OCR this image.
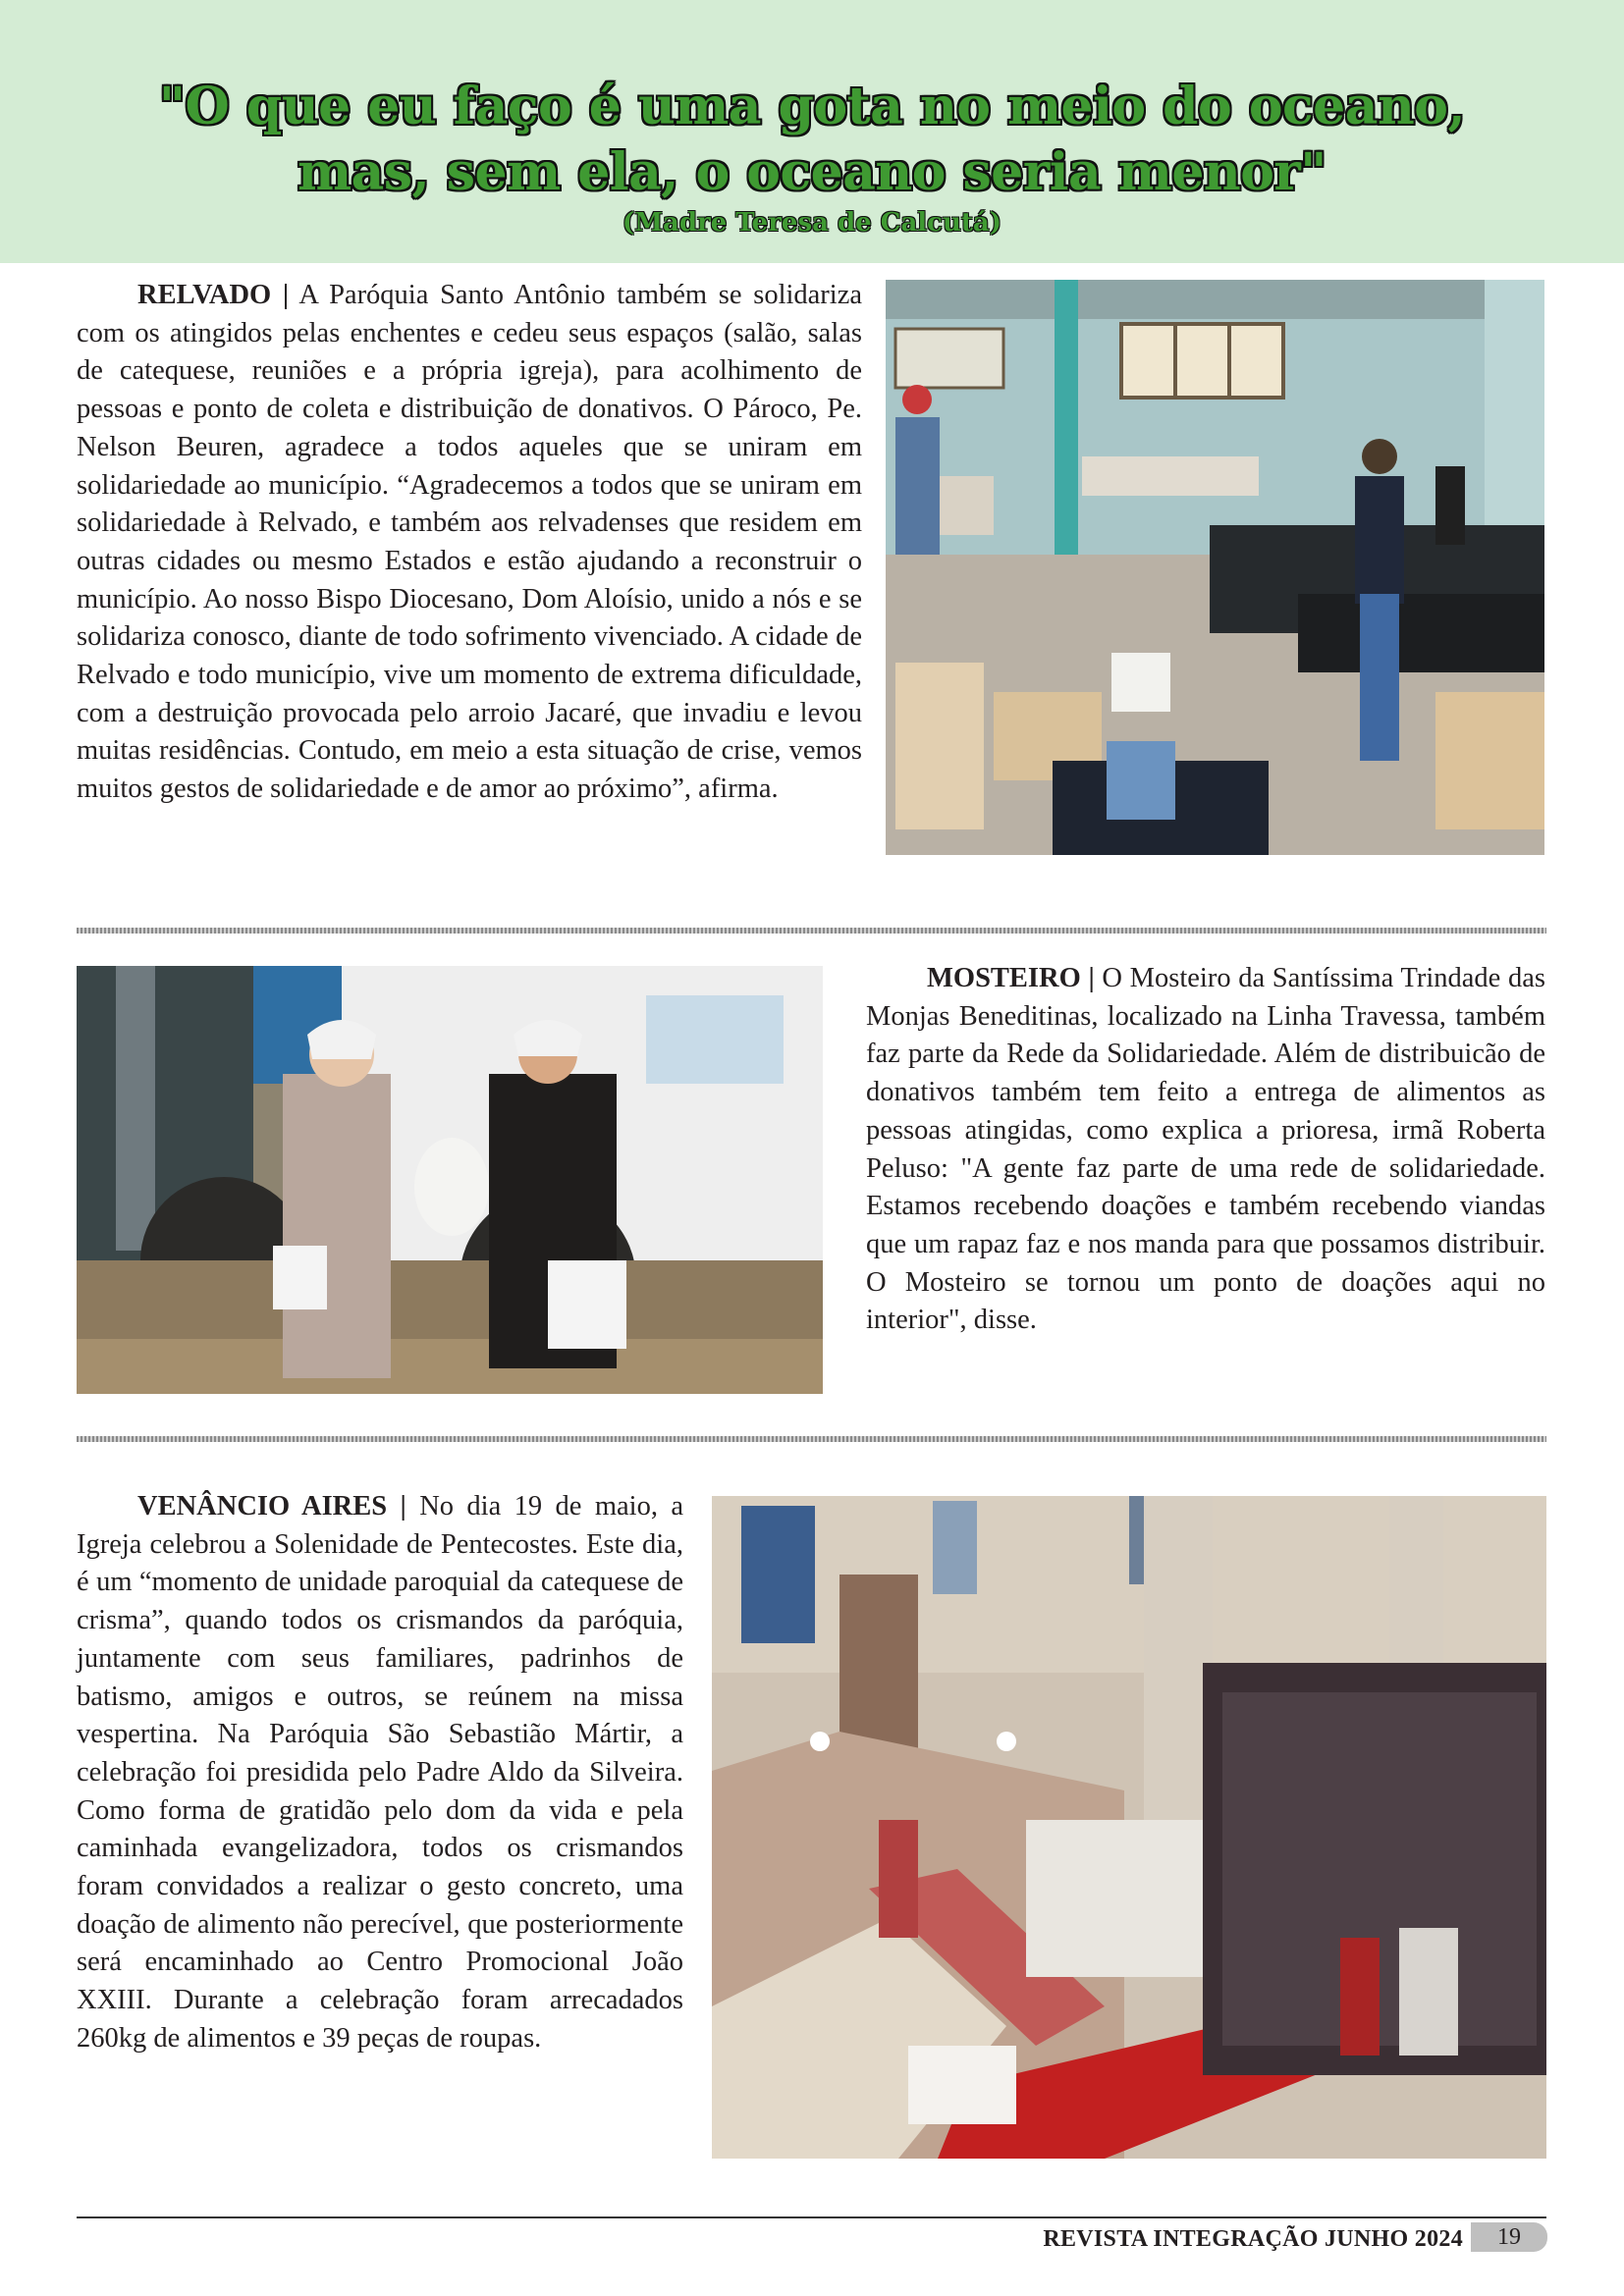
"O que eu faço é uma gota no meio do oceano,
mas, sem ela, o oceano seria menor"
(Madre Teresa de Calcutá)

RELVADO | A Paróquia Santo Antônio também se solidariza com os atingidos pelas enchentes e cedeu seus espaços (salão, salas de catequese, reuniões e a própria igreja), para acolhimento de pessoas e ponto de coleta e distribuição de donativos. O Pároco, Pe. Nelson Beuren, agradece a todos aqueles que se uniram em solidariedade ao município. “Agradecemos a todos que se uniram em solidariedade à Relvado, e também aos relvadenses que residem em outras cidades ou mesmo Estados e estão ajudando a reconstruir o município. Ao nosso Bispo Diocesano, Dom Aloísio, unido a nós e se solidariza conosco, diante de todo sofrimento vivenciado. A cidade de Relvado e todo município, vive um momento de extrema dificuldade, com a destruição provocada pelo arroio Jacaré, que invadiu e levou muitas residências. Contudo, em meio a esta situação de crise, vemos muitos gestos de solidariedade e de amor ao próximo”, afirma.

MOSTEIRO | O Mosteiro da Santíssima Trindade das Monjas Beneditinas, localizado na Linha Travessa, também faz parte da Rede da Solidariedade. Além de distribuicão de donativos também tem feito a entrega de alimentos as pessoas atingidas, como explica a prioresa, irmã Roberta Peluso: "A gente faz parte de uma rede de solidariedade. Estamos recebendo doações e também recebendo viandas que um rapaz faz e nos manda para que possamos distribuir. O Mosteiro se tornou um ponto de doações aqui no interior", disse.

VENÂNCIO AIRES | No dia 19 de maio, a Igreja celebrou a Solenidade de Pentecostes. Este dia, é um “momento de unidade paroquial da catequese de crisma”, quando todos os crismandos da paróquia, juntamente com seus familiares, padrinhos de batismo, amigos e outros, se reúnem na missa vespertina. Na Paróquia São Sebastião Mártir, a celebração foi presidida pelo Padre Aldo da Silveira. Como forma de gratidão pelo dom da vida e pela caminhada evangelizadora, todos os crismandos foram convidados a realizar o gesto concreto, uma doação de alimento não perecível, que posteriormente será encaminhado ao Centro Promocional João XXIII. Durante a celebração foram arrecadados 260kg de alimentos e 39 peças de roupas.

REVISTA INTEGRAÇÃO JUNHO 2024	19
